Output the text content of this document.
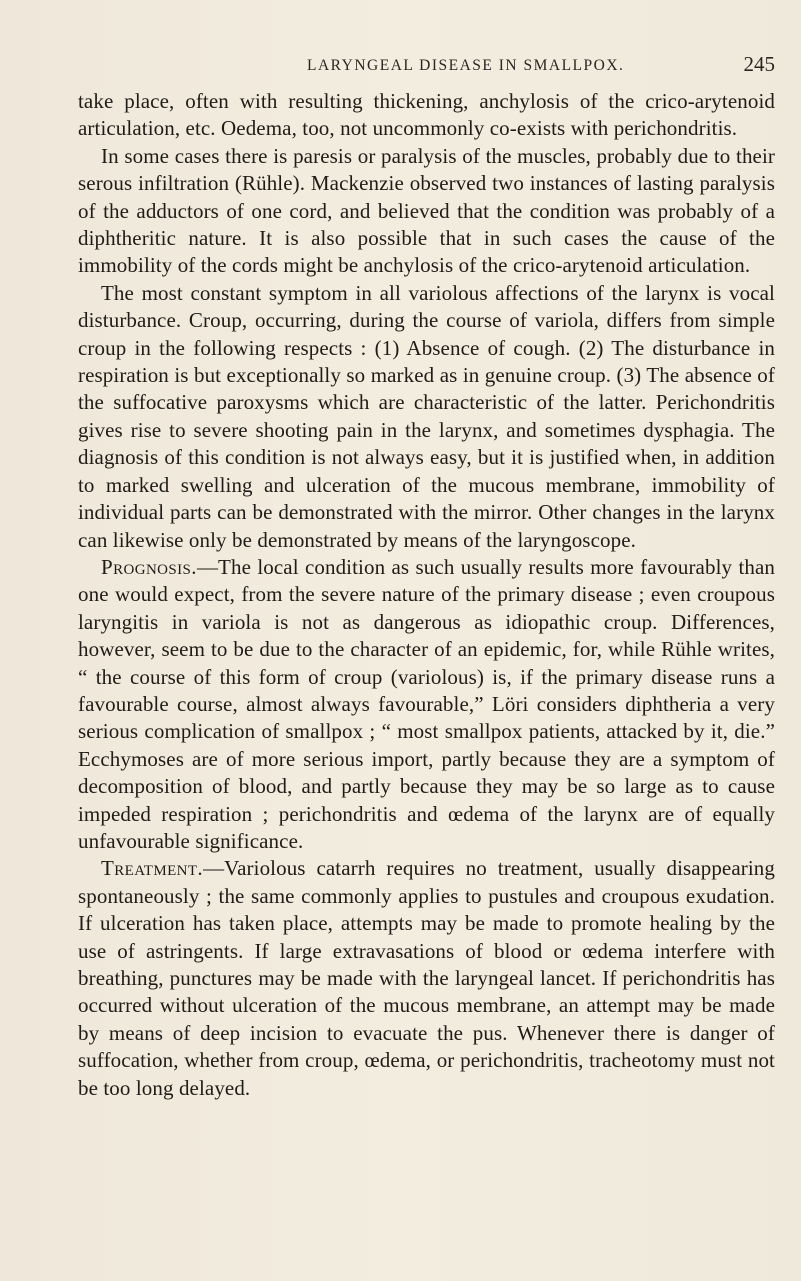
LARYNGEAL DISEASE IN SMALLPOX.	245

take place, often with resulting thickening, anchylosis of the crico-arytenoid articulation, etc. Oedema, too, not uncommonly co-exists with perichondritis.

In some cases there is paresis or paralysis of the muscles, probably due to their serous infiltration (Rühle). Mackenzie observed two instances of lasting paralysis of the adductors of one cord, and believed that the condition was probably of a diphtheritic nature. It is also possible that in such cases the cause of the immobility of the cords might be anchylosis of the crico-arytenoid articulation.

The most constant symptom in all variolous affections of the larynx is vocal disturbance. Croup, occurring, during the course of variola, differs from simple croup in the following respects : (1) Absence of cough. (2) The disturbance in respiration is but exceptionally so marked as in genuine croup. (3) The absence of the suffocative paroxysms which are characteristic of the latter. Perichondritis gives rise to severe shooting pain in the larynx, and sometimes dysphagia. The diagnosis of this condition is not always easy, but it is justified when, in addition to marked swelling and ulceration of the mucous membrane, immobility of individual parts can be demonstrated with the mirror. Other changes in the larynx can likewise only be demonstrated by means of the laryngoscope.

Prognosis.—The local condition as such usually results more favourably than one would expect, from the severe nature of the primary disease ; even croupous laryngitis in variola is not as dangerous as idiopathic croup. Differences, however, seem to be due to the character of an epidemic, for, while Rühle writes, “ the course of this form of croup (variolous) is, if the primary disease runs a favourable course, almost always favourable,” Löri considers diphtheria a very serious complication of smallpox ; “ most smallpox patients, attacked by it, die.” Ecchymoses are of more serious import, partly because they are a symptom of decomposition of blood, and partly because they may be so large as to cause impeded respiration ; perichondritis and œdema of the larynx are of equally unfavourable significance.

Treatment.—Variolous catarrh requires no treatment, usually disappearing spontaneously ; the same commonly applies to pustules and croupous exudation. If ulceration has taken place, attempts may be made to promote healing by the use of astringents. If large extravasations of blood or œdema interfere with breathing, punctures may be made with the laryngeal lancet. If perichondritis has occurred without ulceration of the mucous membrane, an attempt may be made by means of deep incision to evacuate the pus. Whenever there is danger of suffocation, whether from croup, œdema, or perichondritis, tracheotomy must not be too long delayed.
